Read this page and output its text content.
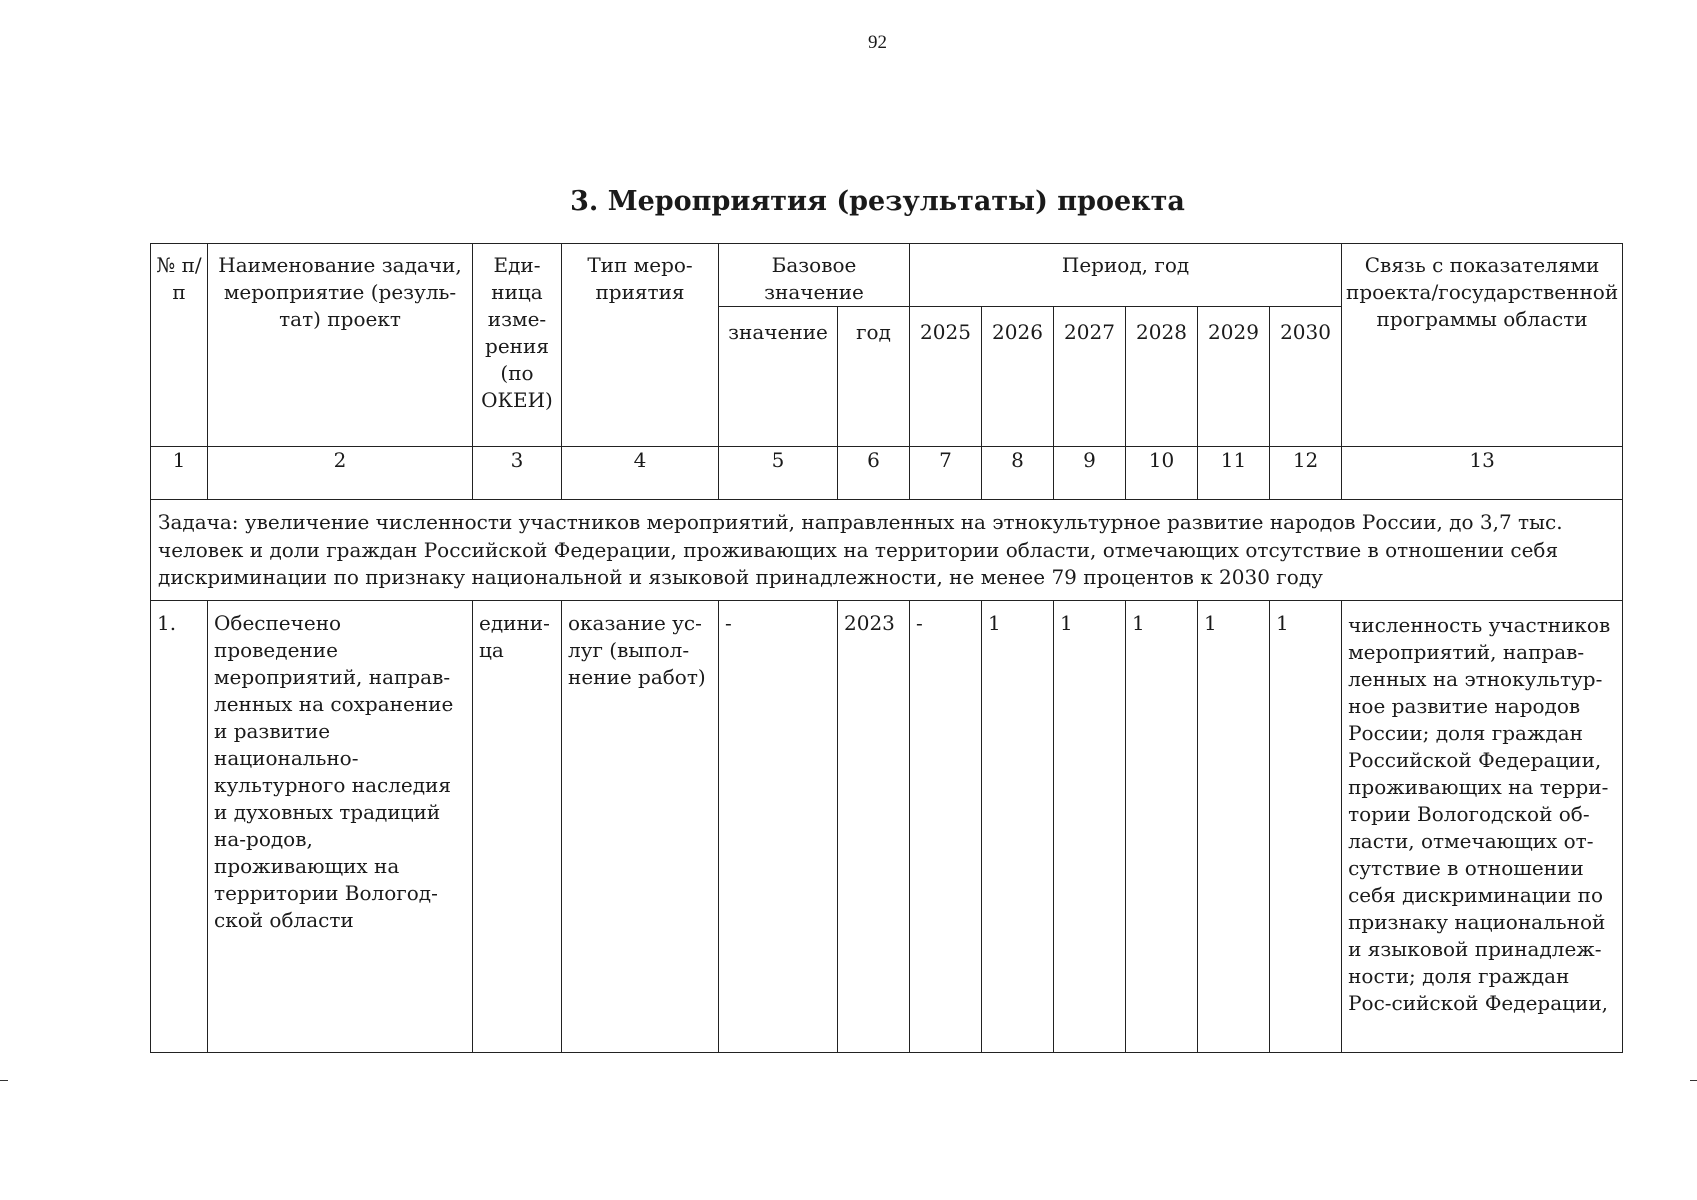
92
3. Мероприятия (результаты) проекта
№ п/п	Наименование задачи, мероприятие (резуль-тат) проект	Еди-ница изме-рения (по ОКЕИ)	Тип меро-приятия	Базовое значение		Период, год						Связь с показателями проекта/государственной программы области
				значение	год	2025	2026	2027	2028	2029	2030	
1	2	3	4	5	6	7	8	9	10	11	12	13
Задача: увеличение численности участников мероприятий, направленных на этнокультурное развитие народов России, до 3,7 тыс. человек и доли граждан Российской Федерации, проживающих на территории области, отмечающих отсутствие в отношении себя дискриминации по признаку национальной и языковой принадлежности, не менее 79 процентов к 2030 году												
1.	Обеспечено проведение мероприятий, направ-ленных на сохранение и развитие национально-культурного наследия и духовных традиций на-родов, проживающих на территории Вологод-ской области	едини-ца	оказание ус-луг (выпол-нение работ)	-	2023	-	1	1	1	1	1	численность участников мероприятий, направ-ленных на этнокультур-ное развитие народов России; доля граждан Российской Федерации, проживающих на терри-тории Вологодской об-ласти, отмечающих от-сутствие в отношении себя дискриминации по признаку национальной и языковой принадлеж-ности; доля граждан Рос-сийской Федерации,
